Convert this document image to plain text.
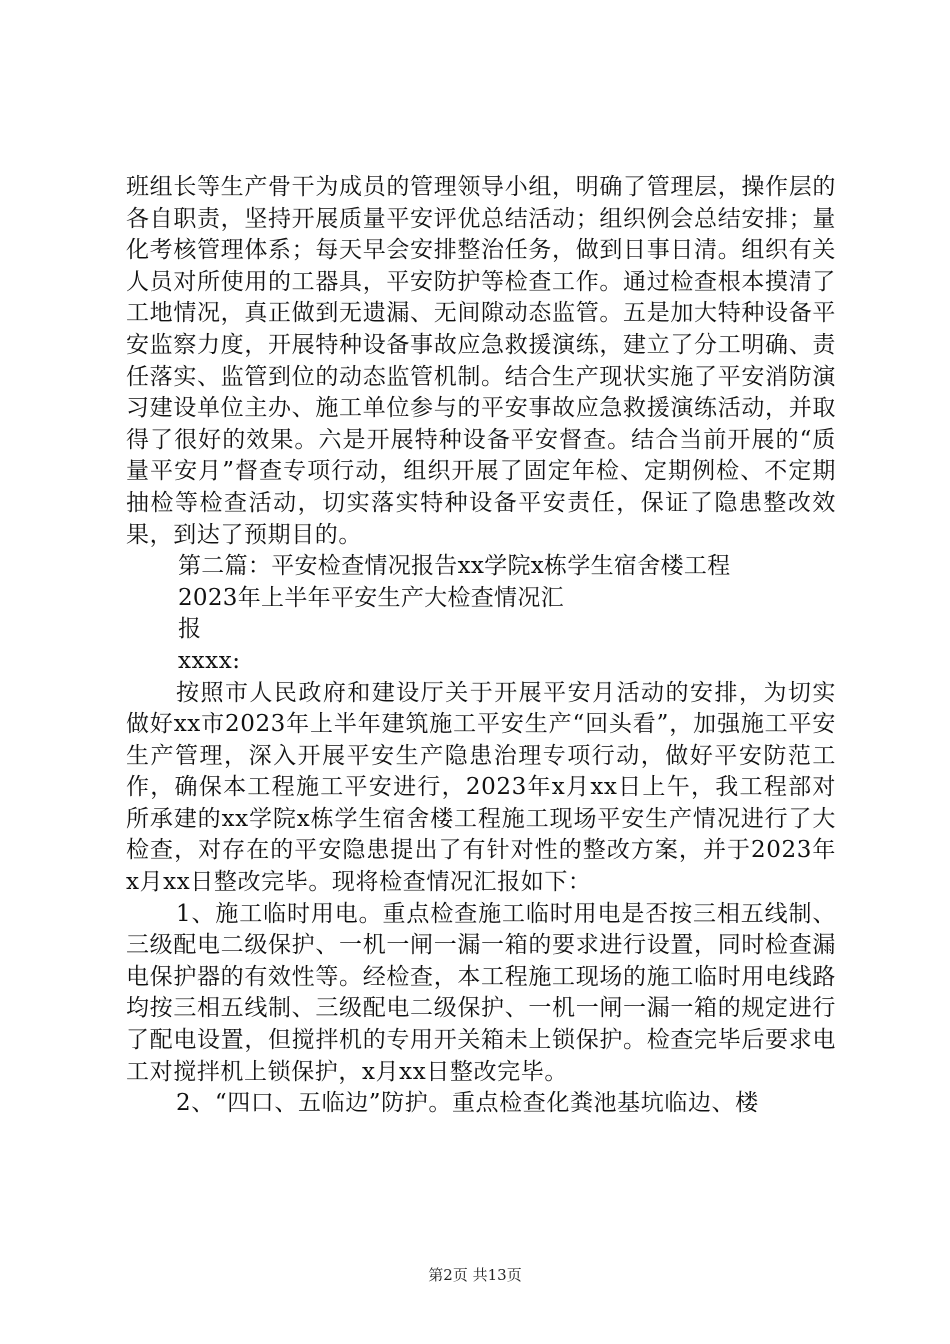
班组长等生产骨干为成员的管理领导小组，明确了管理层，操作层的各自职责，坚持开展质量平安评优总结活动；组织例会总结安排；量化考核管理体系；每天早会安排整治任务，做到日事日清。组织有关人员对所使用的工器具，平安防护等检查工作。通过检查根本摸清了工地情况，真正做到无遗漏、无间隙动态监管。五是加大特种设备平安监察力度，开展特种设备事故应急救援演练，建立了分工明确、责任落实、监管到位的动态监管机制。结合生产现状实施了平安消防演习建设单位主办、施工单位参与的平安事故应急救援演练活动，并取得了很好的效果。六是开展特种设备平安督查。结合当前开展的“质量平安月”督查专项行动，组织开展了固定年检、定期例检、不定期抽检等检查活动，切实落实特种设备平安责任，保证了隐患整改效果，到达了预期目的。

第二篇：平安检查情况报告xx学院x栋学生宿舍楼工程

2023年上半年平安生产大检查情况汇

报

xxxx:

按照市人民政府和建设厅关于开展平安月活动的安排，为切实做好xx市2023年上半年建筑施工平安生产“回头看”，加强施工平安生产管理，深入开展平安生产隐患治理专项行动，做好平安防范工作，确保本工程施工平安进行，2023年x月xx日上午，我工程部对所承建的xx学院x栋学生宿舍楼工程施工现场平安生产情况进行了大检查，对存在的平安隐患提出了有针对性的整改方案，并于2023年x月xx日整改完毕。现将检查情况汇报如下：

1、施工临时用电。重点检查施工临时用电是否按三相五线制、三级配电二级保护、一机一闸一漏一箱的要求进行设置，同时检查漏电保护器的有效性等。经检查，本工程施工现场的施工临时用电线路均按三相五线制、三级配电二级保护、一机一闸一漏一箱的规定进行了配电设置，但搅拌机的专用开关箱未上锁保护。检查完毕后要求电工对搅拌机上锁保护，x月xx日整改完毕。

2、“四口、五临边”防护。重点检查化粪池基坑临边、楼

第2页 共13页
